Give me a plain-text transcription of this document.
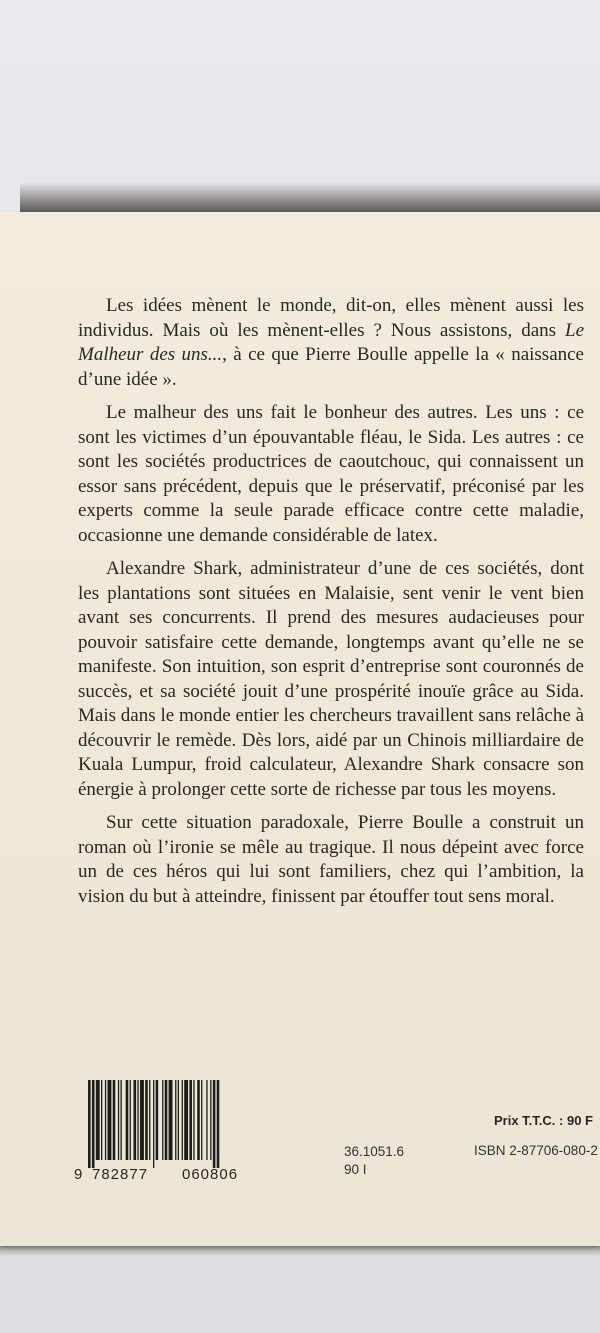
Les idées mènent le monde, dit-on, elles mènent aussi les individus. Mais où les mènent-elles ? Nous assistons, dans Le Malheur des uns..., à ce que Pierre Boulle appelle la « naissance d’une idée ».

Le malheur des uns fait le bonheur des autres. Les uns : ce sont les victimes d’un épouvantable fléau, le Sida. Les autres : ce sont les sociétés productrices de caoutchouc, qui connaissent un essor sans précédent, depuis que le préservatif, préconisé par les experts comme la seule parade efficace contre cette maladie, occasionne une demande considérable de latex.

Alexandre Shark, administrateur d’une de ces sociétés, dont les plantations sont situées en Malaisie, sent venir le vent bien avant ses concurrents. Il prend des mesures audacieuses pour pouvoir satisfaire cette demande, longtemps avant qu’elle ne se manifeste. Son intuition, son esprit d’entreprise sont couronnés de succès, et sa société jouit d’une prospérité inouïe grâce au Sida. Mais dans le monde entier les chercheurs travaillent sans relâche à découvrir le remède. Dès lors, aidé par un Chinois milliardaire de Kuala Lumpur, froid calculateur, Alexandre Shark consacre son énergie à prolonger cette sorte de richesse par tous les moyens.

Sur cette situation paradoxale, Pierre Boulle a construit un roman où l’ironie se mêle au tragique. Il nous dépeint avec force un de ces héros qui lui sont familiers, chez qui l’ambition, la vision du but à atteindre, finissent par étouffer tout sens moral.

9 782877 060806
36.1051.6
90 I
Prix T.T.C. : 90 F
ISBN 2-87706-080-2
